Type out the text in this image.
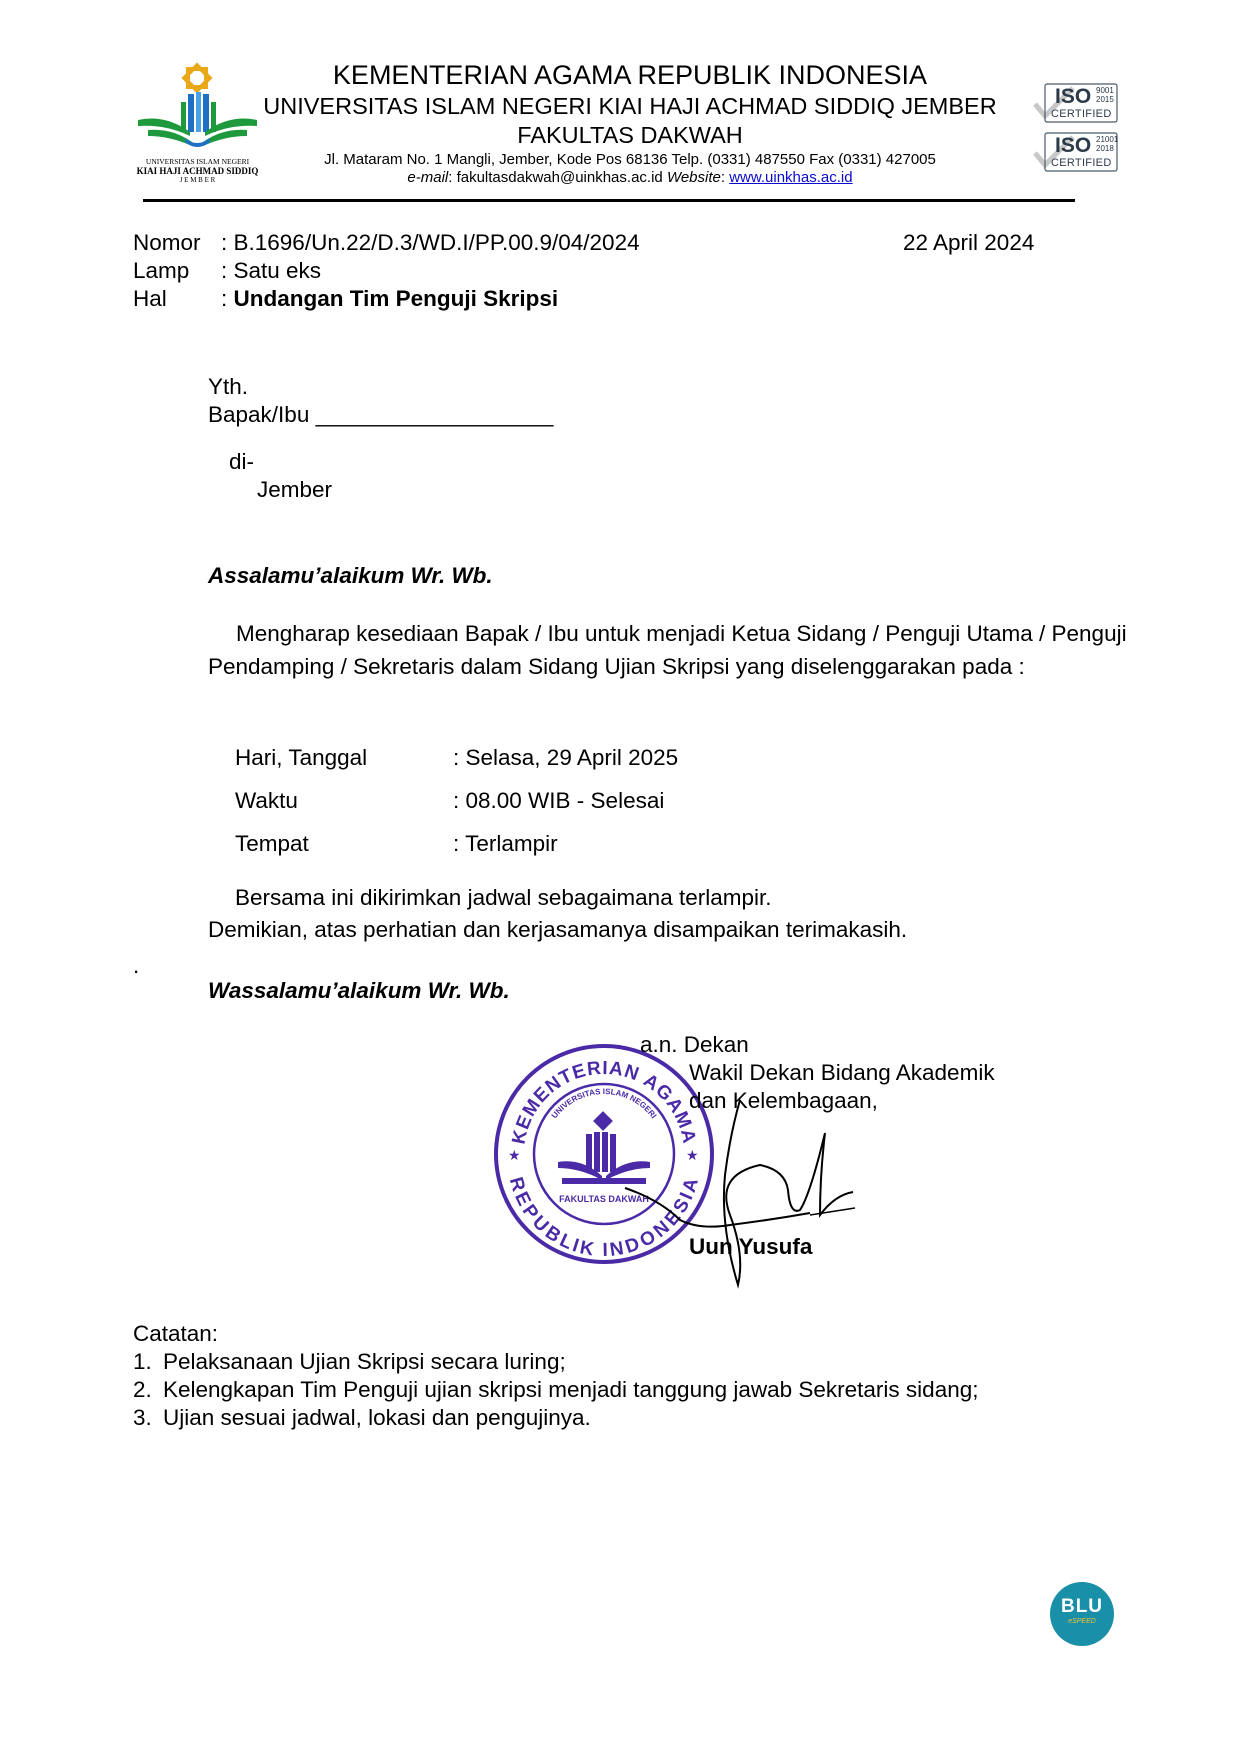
UNIVERSITAS ISLAM NEGERI
KIAI HAJI ACHMAD SIDDIQ
J E M B E R
KEMENTERIAN AGAMA REPUBLIK INDONESIA
UNIVERSITAS ISLAM NEGERI KIAI HAJI ACHMAD SIDDIQ JEMBER
FAKULTAS DAKWAH
Jl. Mataram No. 1 Mangli, Jember, Kode Pos 68136 Telp. (0331) 487550 Fax (0331) 427005
e-mail: fakultasdakwah@uinkhas.ac.id Website: www.uinkhas.ac.id
ISO 9001
2015
CERTIFIED
ISO 21001
2018
CERTIFIED
Nomor : B.1696/Un.22/D.3/WD.I/PP.00.9/04/2024	22 April 2024
Lamp : Satu eks
Hal : Undangan Tim Penguji Skripsi
Yth.
Bapak/Ibu ___________________
di-
Jember
Assalamu’alaikum Wr. Wb.
Mengharap kesediaan Bapak / Ibu untuk menjadi Ketua Sidang / Penguji Utama / Penguji Pendamping / Sekretaris dalam Sidang Ujian Skripsi yang diselenggarakan pada :
Hari, Tanggal	: Selasa, 29 April 2025
Waktu	: 08.00 WIB - Selesai
Tempat	: Terlampir
Bersama ini dikirimkan jadwal sebagaimana terlampir.
Demikian, atas perhatian dan kerjasamanya disampaikan terimakasih.
.
Wassalamu’alaikum Wr. Wb.
KEMENTERIAN AGAMA
REPUBLIK INDONESIA
UNIVERSITAS ISLAM NEGERI
★	★
FAKULTAS DAKWAH
a.n. Dekan
Wakil Dekan Bidang Akademik
dan Kelembagaan,
Uun Yusufa
Catatan:
1. Pelaksanaan Ujian Skripsi secara luring;
2. Kelengkapan Tim Penguji ujian skripsi menjadi tanggung jawab Sekretaris sidang;
3. Ujian sesuai jadwal, lokasi dan pengujinya.
BLU
eSPEED
